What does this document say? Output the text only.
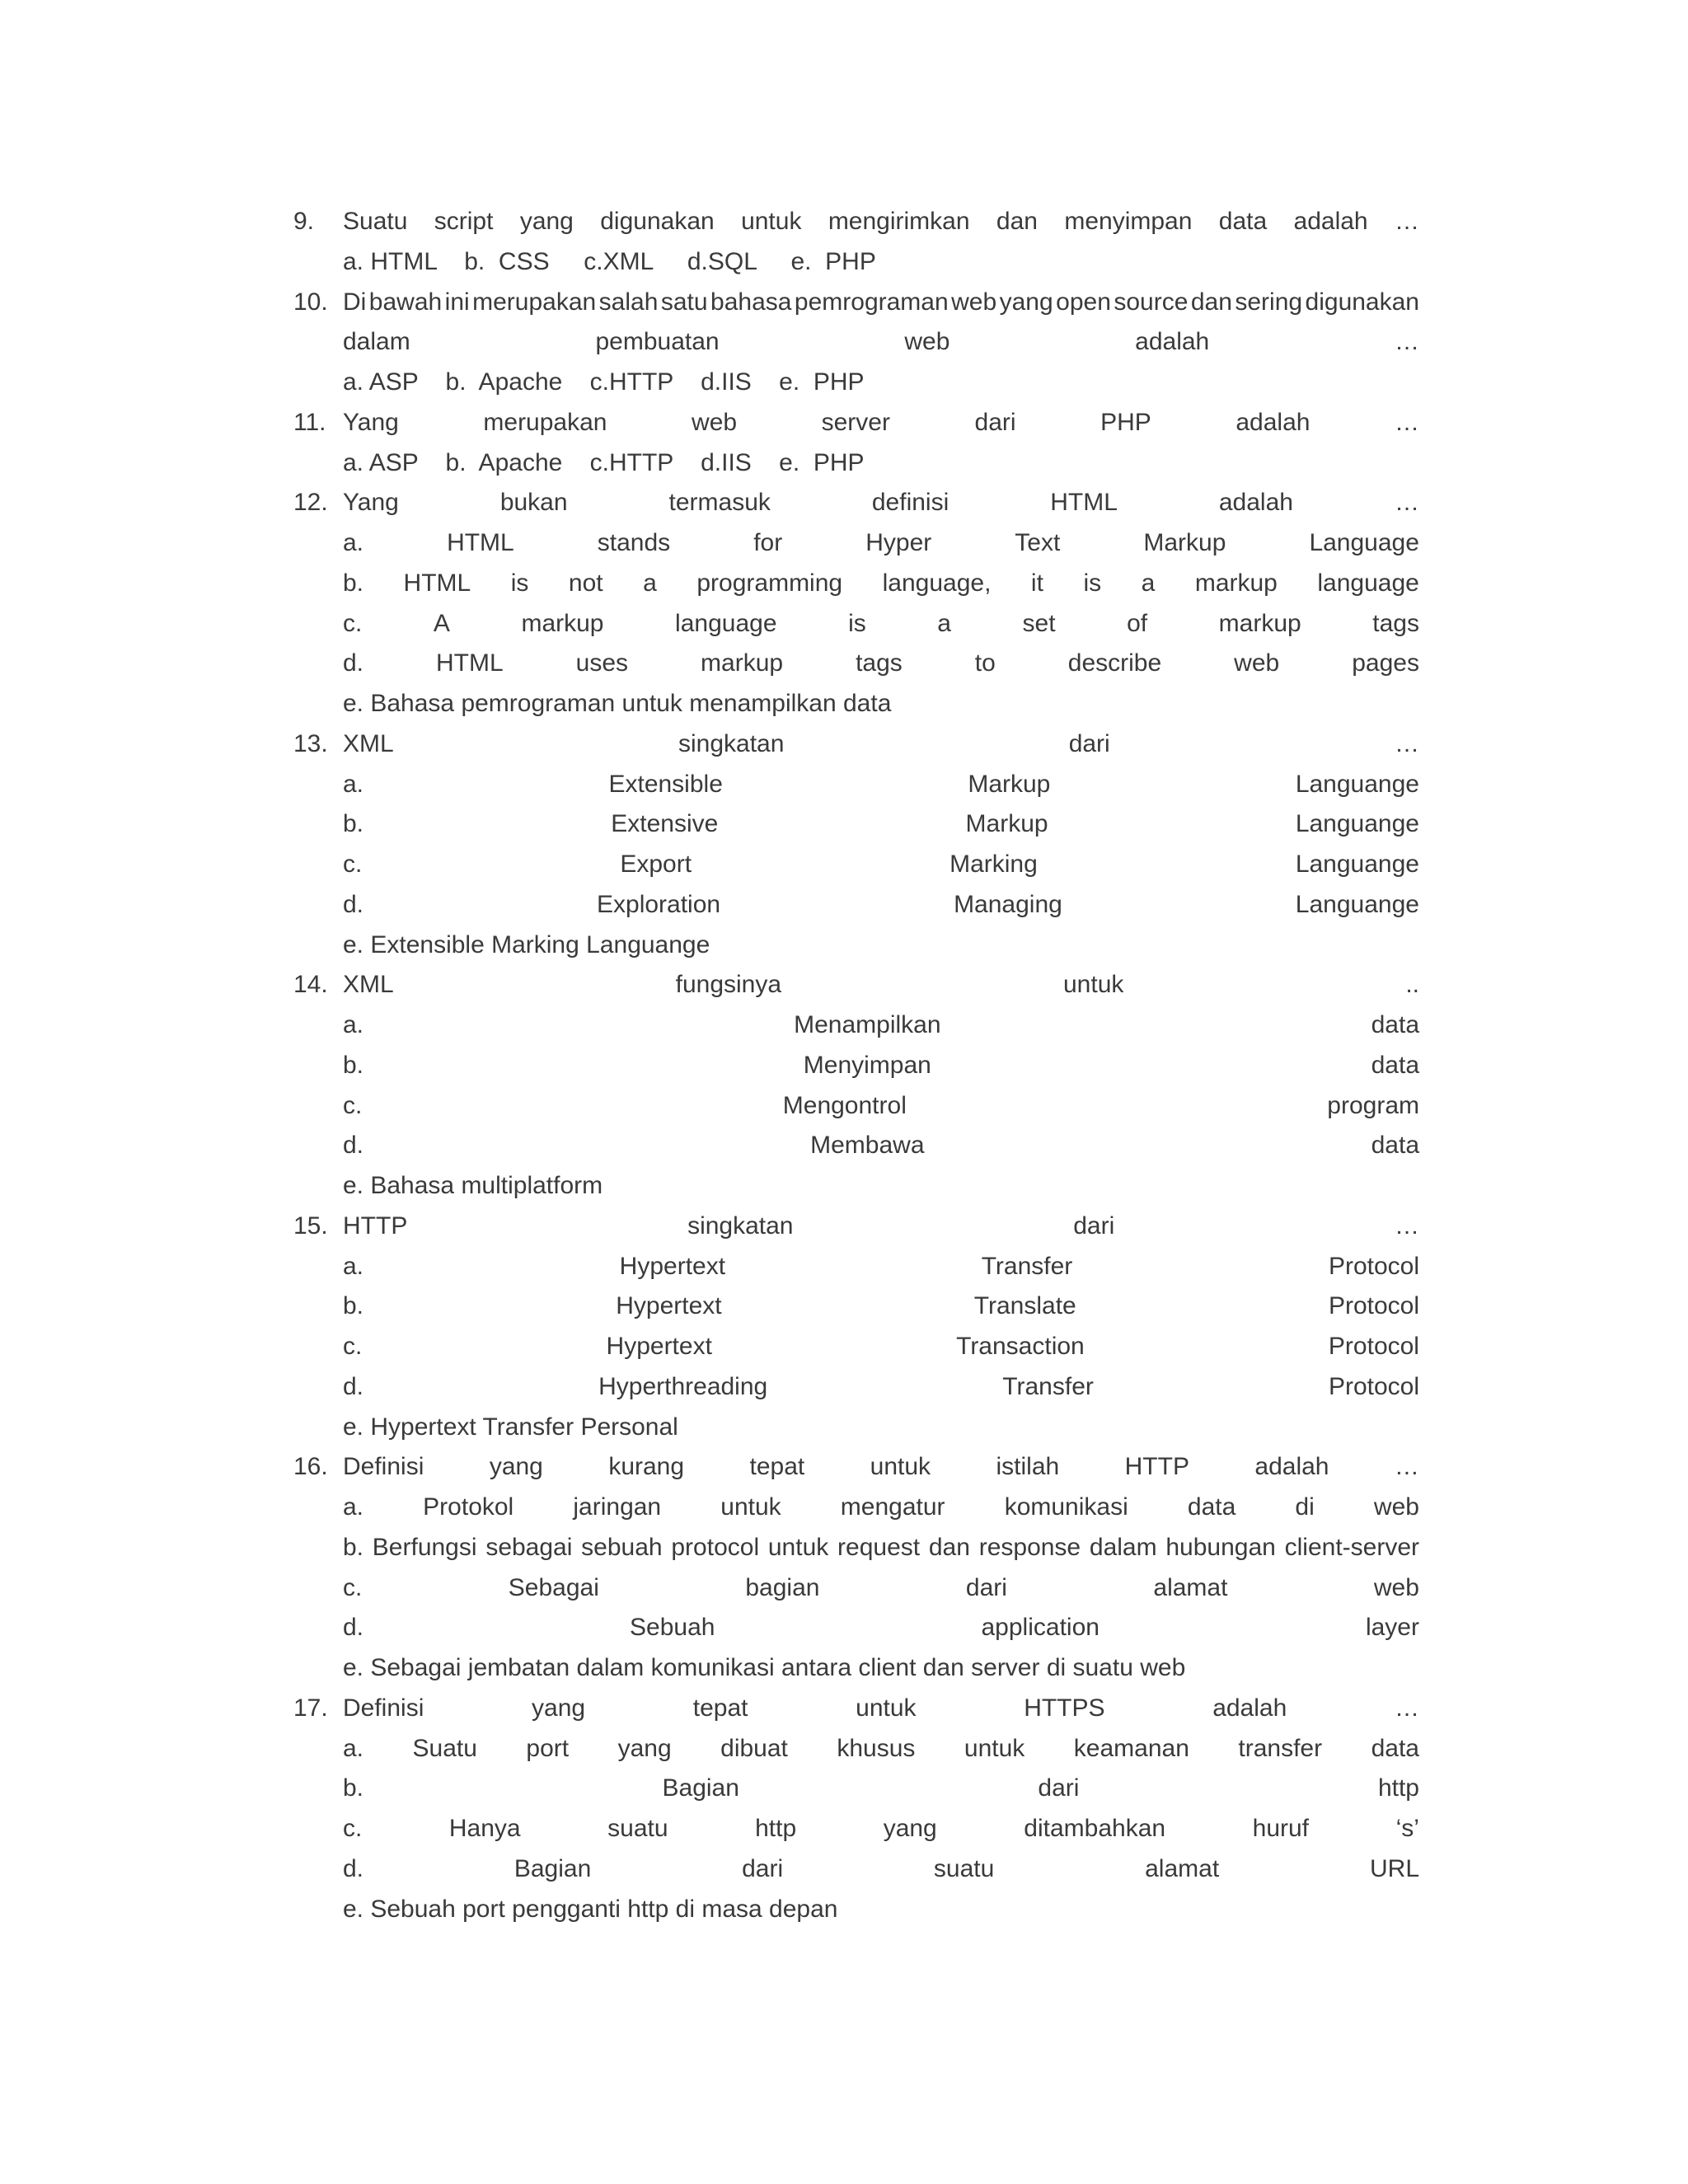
9.	Suatu script yang digunakan untuk mengirimkan dan menyimpan data adalah …
a. HTML    b.  CSS     c.XML     d.SQL     e.  PHP
10. Di bawah ini merupakan salah satu bahasa pemrograman web yang open source dan sering digunakan
dalam	pembuatan	web	adalah	…
a. ASP    b.  Apache    c.HTTP    d.IIS    e.  PHP
11. Yang	merupakan	web	server	dari	PHP	adalah	…
a. ASP    b.  Apache    c.HTTP    d.IIS    e.  PHP
12. Yang	bukan	termasuk	definisi	HTML	adalah	…
a.	HTML	stands	for	Hyper	Text	Markup	Language
b. HTML is not a programming language, it is a markup language
c.	A	markup	language	is	a	set	of	markup	tags
d.	HTML	uses	markup	tags	to	describe	web	pages
e. Bahasa pemrograman untuk menampilkan data
13. XML	singkatan	dari	…
a.	Extensible	Markup	Languange
b.	Extensive	Markup	Languange
c.	Export	Marking	Languange
d.	Exploration	Managing	Languange
e. Extensible Marking Languange
14. XML	fungsinya	untuk	..
a.	Menampilkan	data
b.	Menyimpan	data
c.	Mengontrol	program
d.	Membawa	data
e. Bahasa multiplatform
15. HTTP	singkatan	dari	…
a.	Hypertext	Transfer	Protocol
b.	Hypertext	Translate	Protocol
c.	Hypertext	Transaction	Protocol
d.	Hyperthreading	Transfer	Protocol
e. Hypertext Transfer Personal
16. Definisi	yang	kurang	tepat	untuk	istilah	HTTP	adalah	…
a. Protokol jaringan untuk mengatur komunikasi data di web
b. Berfungsi sebagai sebuah protocol untuk request dan response dalam hubungan client-server
c.	Sebagai	bagian	dari	alamat	web
d.	Sebuah	application	layer
e. Sebagai jembatan dalam komunikasi antara client dan server di suatu web
17. Definisi	yang	tepat	untuk	HTTPS	adalah	…
a. Suatu port yang dibuat khusus untuk keamanan transfer data
b.	Bagian	dari	http
c.	Hanya	suatu	http	yang	ditambahkan	huruf	‘s’
d.	Bagian	dari	suatu	alamat	URL
e. Sebuah port pengganti http di masa depan
